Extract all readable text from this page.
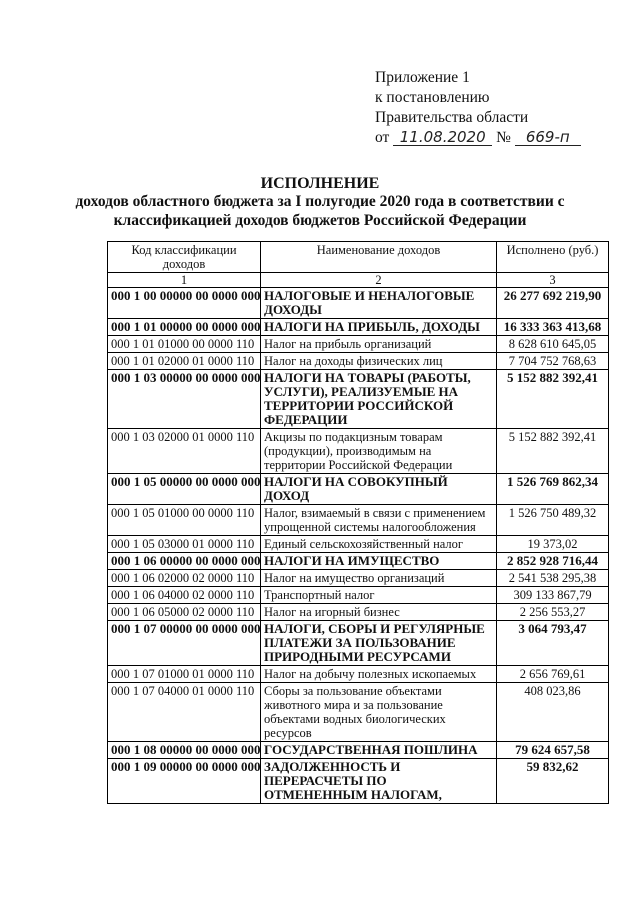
Приложение 1
к постановлению
Правительства области
от 11.08.2020 № 669-п
ИСПОЛНЕНИЕ
доходов областного бюджета за I полугодие 2020 года в соответствии с
классификацией доходов бюджетов Российской Федерации
Код классификации доходов	Наименование доходов	Исполнено (руб.)
1	2	3
000 1 00 00000 00 0000 000	НАЛОГОВЫЕ И НЕНАЛОГОВЫЕ ДОХОДЫ	26 277 692 219,90
000 1 01 00000 00 0000 000	НАЛОГИ НА ПРИБЫЛЬ, ДОХОДЫ	16 333 363 413,68
000 1 01 01000 00 0000 110	Налог на прибыль организаций	8 628 610 645,05
000 1 01 02000 01 0000 110	Налог на доходы физических лиц	7 704 752 768,63
000 1 03 00000 00 0000 000	НАЛОГИ НА ТОВАРЫ (РАБОТЫ, УСЛУГИ), РЕАЛИЗУЕМЫЕ НА ТЕРРИТОРИИ РОССИЙСКОЙ ФЕДЕРАЦИИ	5 152 882 392,41
000 1 03 02000 01 0000 110	Акцизы по подакцизным товарам (продукции), производимым на территории Российской Федерации	5 152 882 392,41
000 1 05 00000 00 0000 000	НАЛОГИ НА СОВОКУПНЫЙ ДОХОД	1 526 769 862,34
000 1 05 01000 00 0000 110	Налог, взимаемый в связи с применением упрощенной системы налогообложения	1 526 750 489,32
000 1 05 03000 01 0000 110	Единый сельскохозяйственный налог	19 373,02
000 1 06 00000 00 0000 000	НАЛОГИ НА ИМУЩЕСТВО	2 852 928 716,44
000 1 06 02000 02 0000 110	Налог на имущество организаций	2 541 538 295,38
000 1 06 04000 02 0000 110	Транспортный налог	309 133 867,79
000 1 06 05000 02 0000 110	Налог на игорный бизнес	2 256 553,27
000 1 07 00000 00 0000 000	НАЛОГИ, СБОРЫ И РЕГУЛЯРНЫЕ ПЛАТЕЖИ ЗА ПОЛЬЗОВАНИЕ ПРИРОДНЫМИ РЕСУРСАМИ	3 064 793,47
000 1 07 01000 01 0000 110	Налог на добычу полезных ископаемых	2 656 769,61
000 1 07 04000 01 0000 110	Сборы за пользование объектами животного мира и за пользование объектами водных биологических ресурсов	408 023,86
000 1 08 00000 00 0000 000	ГОСУДАРСТВЕННАЯ ПОШЛИНА	79 624 657,58
000 1 09 00000 00 0000 000	ЗАДОЛЖЕННОСТЬ И ПЕРЕРАСЧЕТЫ ПО ОТМЕНЕННЫМ НАЛОГАМ,	59 832,62
